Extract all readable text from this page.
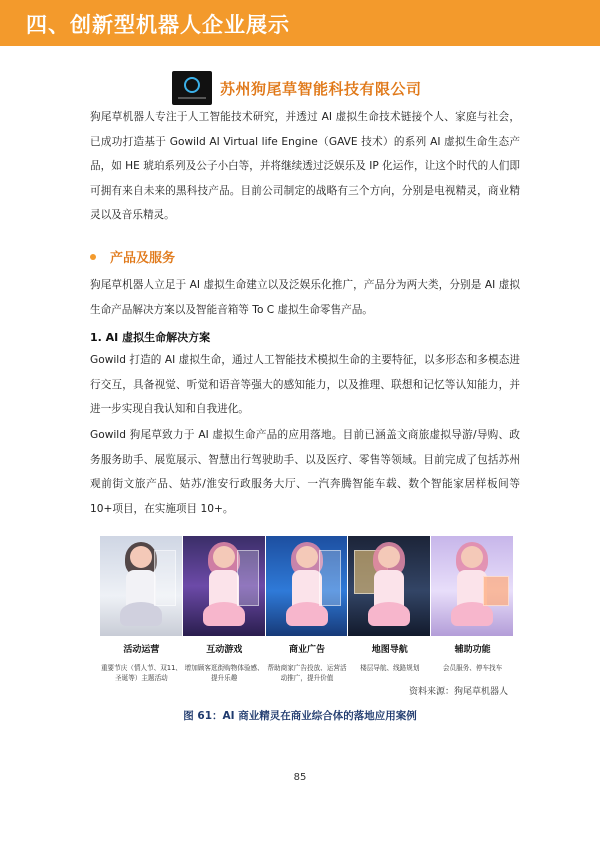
四、创新型机器人企业展示
苏州狗尾草智能科技有限公司

狗尾草机器人专注于人工智能技术研究，并透过 AI 虚拟生命技术链接个人、家庭与社会，已成功打造基于 Gowild AI Virtual life Engine（GAVE 技术）的系列 AI 虚拟生命生态产品，如 HE 琥珀系列及公子小白等，并将继续透过泛娱乐及 IP 化运作，让这个时代的人们即可拥有来自未来的黑科技产品。目前公司制定的战略有三个方向，分别是电视精灵，商业精灵以及音乐精灵。

产品及服务

狗尾草机器人立足于 AI 虚拟生命建立以及泛娱乐化推广，产品分为两大类，分别是 AI 虚拟生命产品解决方案以及智能音箱等 To C 虚拟生命零售产品。

1. AI 虚拟生命解决方案

Gowild 打造的 AI 虚拟生命，通过人工智能技术模拟生命的主要特征，以多形态和多模态进行交互，具备视觉、听觉和语音等强大的感知能力，以及推理、联想和记忆等认知能力，并进一步实现自我认知和自我进化。

Gowild 狗尾草致力于 AI 虚拟生命产品的应用落地。目前已涵盖文商旅虚拟导游/导购、政务服务助手、展览展示、智慧出行驾驶助手、以及医疗、零售等领域。目前完成了包括苏州观前街文旅产品、姑苏/淮安行政服务大厅、一汽奔腾智能车载、数个智能家居样板间等 10+项目，在实施项目 10+。

活动运营
重要节庆（情人节、双11、圣诞等）主题活动
互动游戏
增加顾客逛街购物体验感、提升乐趣
商业广告
帮助商家广告投放、运营活动推广，提升价值
地图导航
楼层导航、线路规划
辅助功能
会员服务、停车找车
资料来源：狗尾草机器人
图 61：AI 商业精灵在商业综合体的落地应用案例
85
